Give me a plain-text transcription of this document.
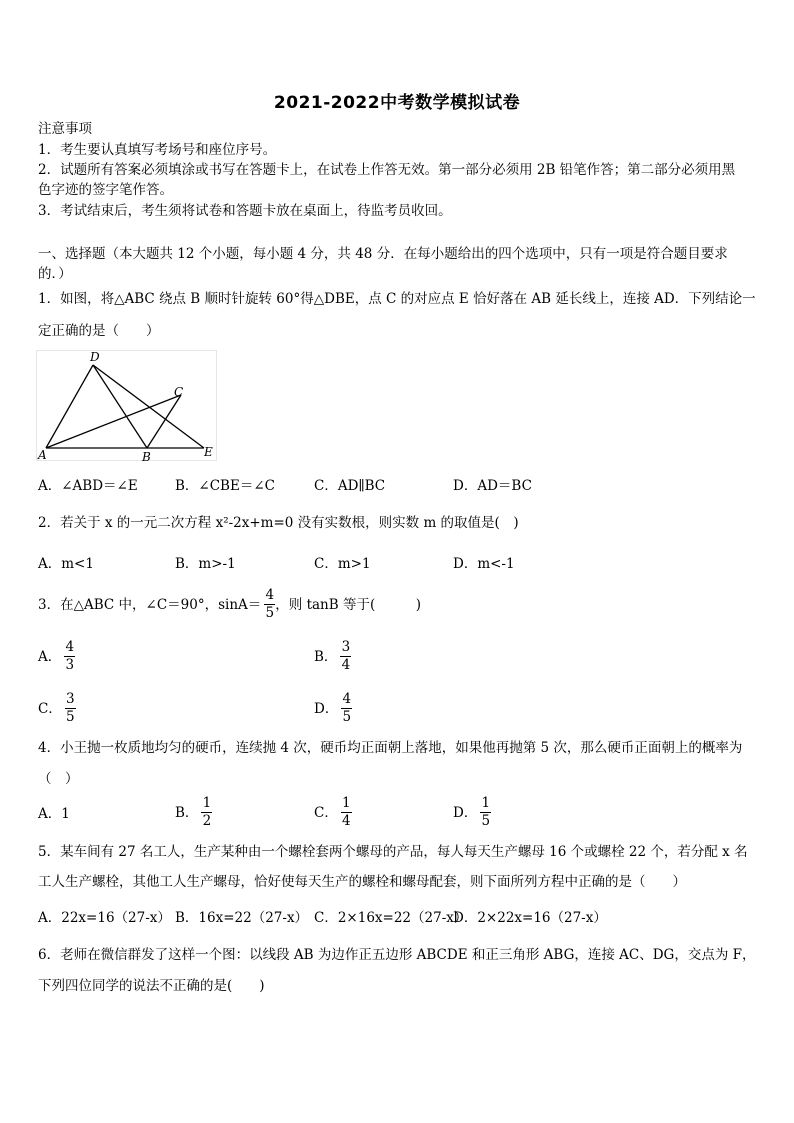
2021-2022中考数学模拟试卷
注意事项
1．考生要认真填写考场号和座位序号。
2．试题所有答案必须填涂或书写在答题卡上，在试卷上作答无效。第一部分必须用 2B 铅笔作答；第二部分必须用黑
色字迹的签字笔作答。
3．考试结束后，考生须将试卷和答题卡放在桌面上，待监考员收回。
一、选择题（本大题共 12 个小题，每小题 4 分，共 48 分．在每小题给出的四个选项中，只有一项是符合题目要求
的．）
1．如图，将△ABC 绕点 B 顺时针旋转 60°得△DBE，点 C 的对应点 E 恰好落在 AB 延长线上，连接 AD．下列结论一
定正确的是（　　）
D
C
A	B	E
A．∠ABD＝∠E	B．∠CBE＝∠C	C．AD∥BC	D．AD＝BC
2．若关于 x 的一元二次方程 x²-2x+m=0 没有实数根，则实数 m 的取值是(　)
A．m<1	B．m>-1	C．m>1	D．m<-1
3．在△ABC 中，∠C＝90°，$\sin A= \frac{4}{5}$ ，则 tanB 等于(　　　)
A． $\frac{4}{3}$	B． $\frac{3}{4}$
C． $\frac{3}{5}$	D． $\frac{4}{5}$
4．小王抛一枚质地均匀的硬币，连续抛 4 次，硬币均正面朝上落地，如果他再抛第 5 次，那么硬币正面朝上的概率为
（　）
A．1	B． $\frac{1}{2}$	C． $\frac{1}{4}$	D． $\frac{1}{5}$
5．某车间有 27 名工人，生产某种由一个螺栓套两个螺母的产品，每人每天生产螺母 16 个或螺栓 22 个，若分配 x 名
工人生产螺栓，其他工人生产螺母，恰好使每天生产的螺栓和螺母配套，则下面所列方程中正确的是（　　）
A．22x=16（27-x） B．16x=22（27-x） C．2×16x=22（27-x）
D．2×22x=16（27-x）
6．老师在微信群发了这样一个图：以线段 AB 为边作正五边形 ABCDE 和正三角形 ABG，连接 AC、DG，交点为 F，
下列四位同学的说法不正确的是(　　)
